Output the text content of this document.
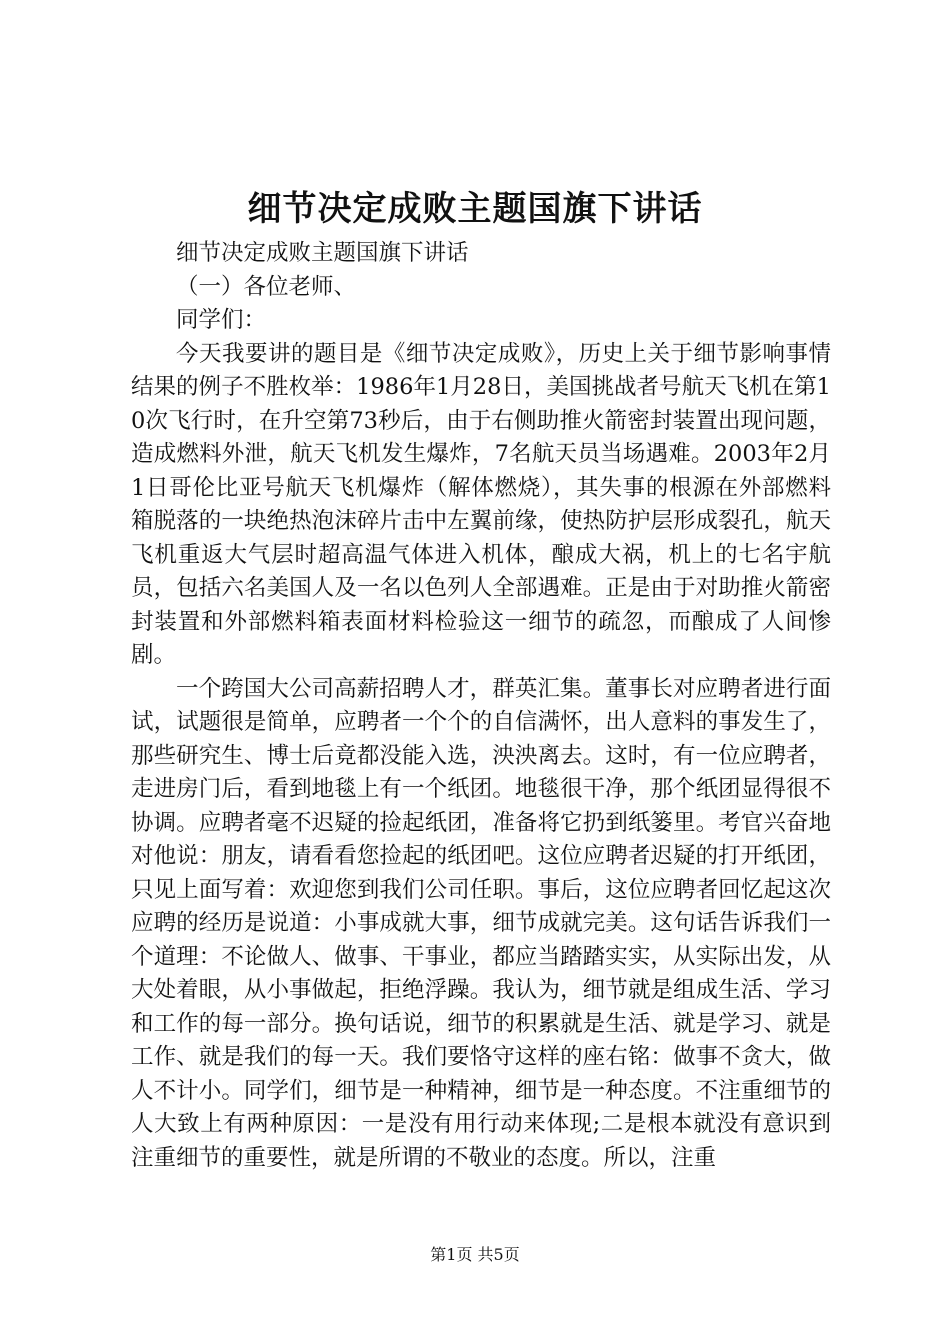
细节决定成败主题国旗下讲话

细节决定成败主题国旗下讲话

（一）各位老师、

同学们：

今天我要讲的题目是《细节决定成败》，历史上关于细节影响事情结果的例子不胜枚举：1986年1月28日，美国挑战者号航天飞机在第10次飞行时，在升空第73秒后，由于右侧助推火箭密封装置出现问题，造成燃料外泄，航天飞机发生爆炸，7名航天员当场遇难。2003年2月1日哥伦比亚号航天飞机爆炸（解体燃烧），其失事的根源在外部燃料箱脱落的一块绝热泡沫碎片击中左翼前缘，使热防护层形成裂孔，航天飞机重返大气层时超高温气体进入机体，酿成大祸，机上的七名宇航员，包括六名美国人及一名以色列人全部遇难。正是由于对助推火箭密封装置和外部燃料箱表面材料检验这一细节的疏忽，而酿成了人间惨剧。

一个跨国大公司高薪招聘人才，群英汇集。董事长对应聘者进行面试，试题很是简单，应聘者一个个的自信满怀，出人意料的事发生了，那些研究生、博士后竟都没能入选，泱泱离去。这时，有一位应聘者，走进房门后，看到地毯上有一个纸团。地毯很干净，那个纸团显得很不协调。应聘者毫不迟疑的捡起纸团，准备将它扔到纸篓里。考官兴奋地对他说：朋友，请看看您捡起的纸团吧。这位应聘者迟疑的打开纸团，只见上面写着：欢迎您到我们公司任职。事后，这位应聘者回忆起这次应聘的经历是说道：小事成就大事，细节成就完美。这句话告诉我们一个道理：不论做人、做事、干事业，都应当踏踏实实，从实际出发，从大处着眼，从小事做起，拒绝浮躁。我认为，细节就是组成生活、学习和工作的每一部分。换句话说，细节的积累就是生活、就是学习、就是工作、就是我们的每一天。我们要恪守这样的座右铭：做事不贪大，做人不计小。同学们，细节是一种精神，细节是一种态度。不注重细节的人大致上有两种原因：一是没有用行动来体现;二是根本就没有意识到注重细节的重要性，就是所谓的不敬业的态度。所以，注重

第1页 共5页
